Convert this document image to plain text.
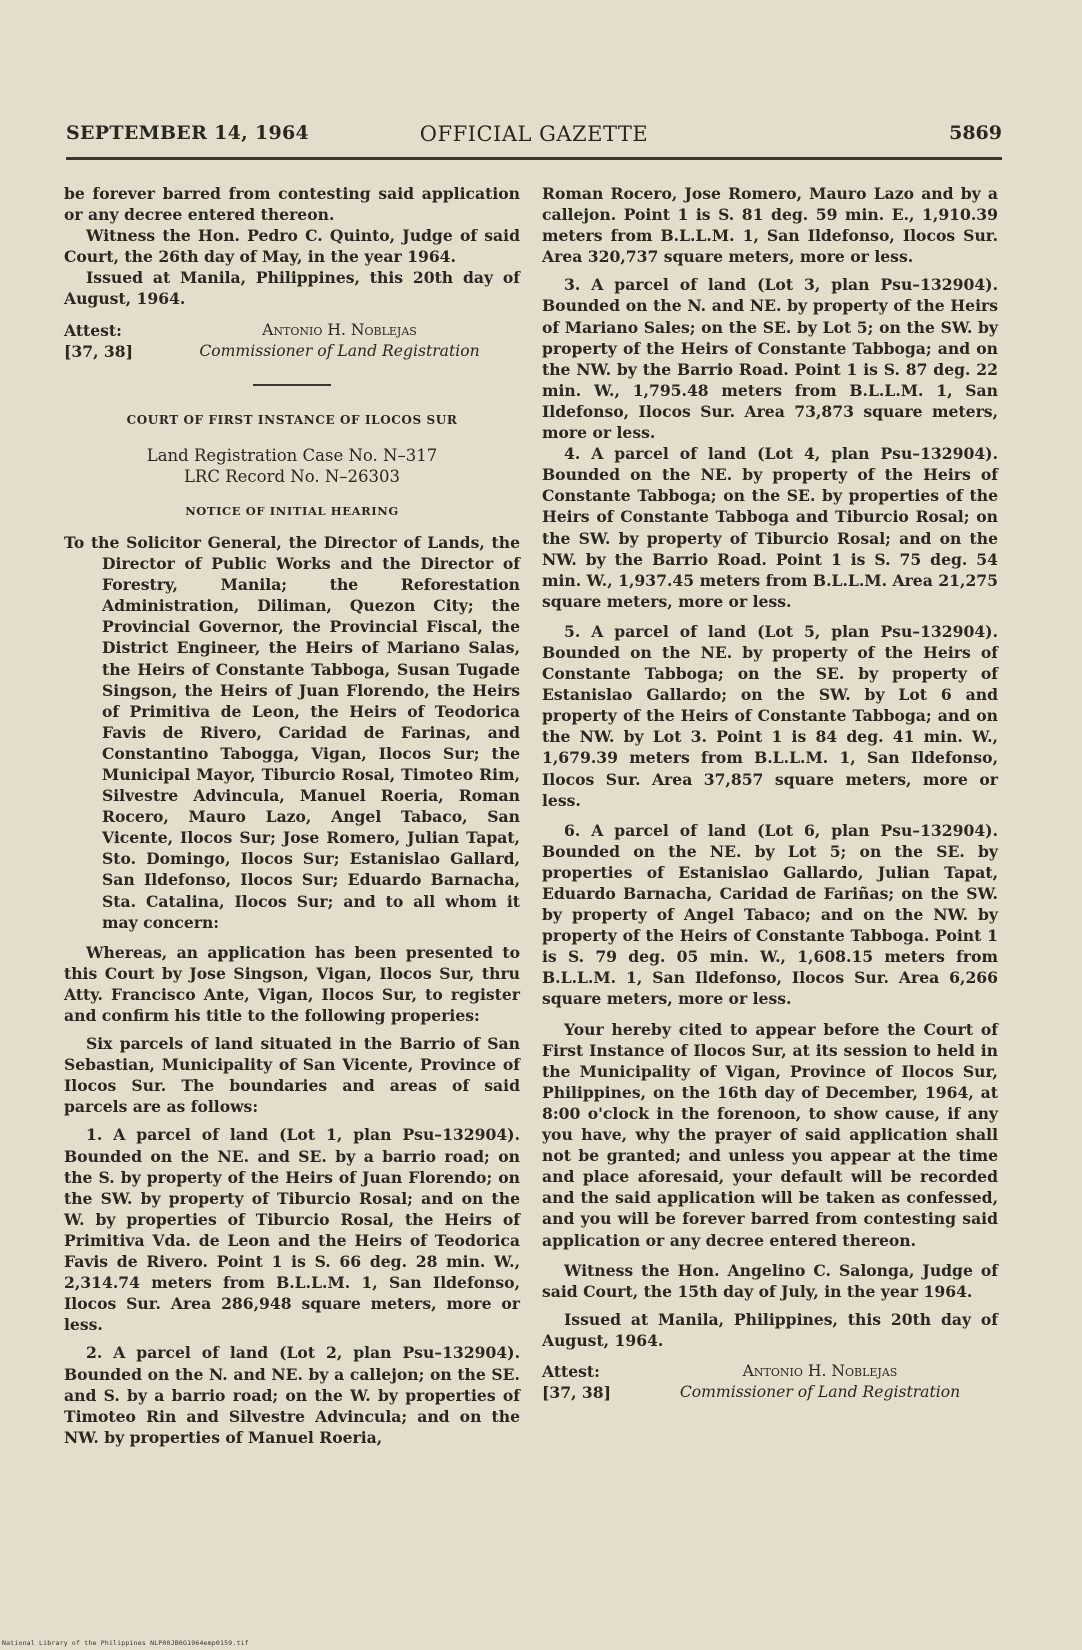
SEPTEMBER 14, 1964	OFFICIAL GAZETTE	5869

be forever barred from contesting said application or any decree entered thereon.

Witness the Hon. Pedro C. Quinto, Judge of said Court, the 26th day of May, in the year 1964.

Issued at Manila, Philippines, this 20th day of August, 1964.

Attest:
[37, 38]
Antonio H. Noblejas
Commissioner of Land Registration
COURT OF FIRST INSTANCE OF ILOCOS SUR
Land Registration Case No. N–317
LRC Record No. N–26303
NOTICE OF INITIAL HEARING

To the Solicitor General, the Director of Lands, the Director of Public Works and the Director of Forestry, Manila; the Reforestation Administration, Diliman, Quezon City; the Provincial Governor, the Provincial Fiscal, the District Engineer, the Heirs of Mariano Salas, the Heirs of Constante Tabboga, Susan Tugade Singson, the Heirs of Juan Florendo, the Heirs of Primitiva de Leon, the Heirs of Teodorica Favis de Rivero, Caridad de Farinas, and Constantino Tabogga, Vigan, Ilocos Sur; the Municipal Mayor, Tiburcio Rosal, Timoteo Rim, Silvestre Advincula, Manuel Roeria, Roman Rocero, Mauro Lazo, Angel Tabaco, San Vicente, Ilocos Sur; Jose Romero, Julian Tapat, Sto. Domingo, Ilocos Sur; Estanislao Gallard, San Ildefonso, Ilocos Sur; Eduardo Barnacha, Sta. Catalina, Ilocos Sur; and to all whom it may concern:

Whereas, an application has been presented to this Court by Jose Singson, Vigan, Ilocos Sur, thru Atty. Francisco Ante, Vigan, Ilocos Sur, to register and confirm his title to the following properies:

Six parcels of land situated in the Barrio of San Sebastian, Municipality of San Vicente, Province of Ilocos Sur. The boundaries and areas of said parcels are as follows:

1. A parcel of land (Lot 1, plan Psu–132904). Bounded on the NE. and SE. by a barrio road; on the S. by property of the Heirs of Juan Florendo; on the SW. by property of Tiburcio Rosal; and on the W. by properties of Tiburcio Rosal, the Heirs of Primitiva Vda. de Leon and the Heirs of Teodorica Favis de Rivero. Point 1 is S. 66 deg. 28 min. W., 2,314.74 meters from B.L.L.M. 1, San Ildefonso, Ilocos Sur. Area 286,948 square meters, more or less.

2. A parcel of land (Lot 2, plan Psu–132904). Bounded on the N. and NE. by a callejon; on the SE. and S. by a barrio road; on the W. by properties of Timoteo Rin and Silvestre Advincula; and on the NW. by properties of Manuel Roeria,

Roman Rocero, Jose Romero, Mauro Lazo and by a callejon. Point 1 is S. 81 deg. 59 min. E., 1,910.39 meters from B.L.L.M. 1, San Ildefonso, Ilocos Sur. Area 320,737 square meters, more or less.

3. A parcel of land (Lot 3, plan Psu–132904). Bounded on the N. and NE. by property of the Heirs of Mariano Sales; on the SE. by Lot 5; on the SW. by property of the Heirs of Constante Tabboga; and on the NW. by the Barrio Road. Point 1 is S. 87 deg. 22 min. W., 1,795.48 meters from B.L.L.M. 1, San Ildefonso, Ilocos Sur. Area 73,873 square meters, more or less.

4. A parcel of land (Lot 4, plan Psu–132904). Bounded on the NE. by property of the Heirs of Constante Tabboga; on the SE. by properties of the Heirs of Constante Tabboga and Tiburcio Rosal; on the SW. by property of Tiburcio Rosal; and on the NW. by the Barrio Road. Point 1 is S. 75 deg. 54 min. W., 1,937.45 meters from B.L.L.M. Area 21,275 square meters, more or less.

5. A parcel of land (Lot 5, plan Psu–132904). Bounded on the NE. by property of the Heirs of Constante Tabboga; on the SE. by property of Estanislao Gallardo; on the SW. by Lot 6 and property of the Heirs of Constante Tabboga; and on the NW. by Lot 3. Point 1 is 84 deg. 41 min. W., 1,679.39 meters from B.L.L.M. 1, San Ildefonso, Ilocos Sur. Area 37,857 square meters, more or less.

6. A parcel of land (Lot 6, plan Psu–132904). Bounded on the NE. by Lot 5; on the SE. by properties of Estanislao Gallardo, Julian Tapat, Eduardo Barnacha, Caridad de Fariñas; on the SW. by property of Angel Tabaco; and on the NW. by property of the Heirs of Constante Tabboga. Point 1 is S. 79 deg. 05 min. W., 1,608.15 meters from B.L.L.M. 1, San Ildefonso, Ilocos Sur. Area 6,266 square meters, more or less.

Your hereby cited to appear before the Court of First Instance of Ilocos Sur, at its session to held in the Municipality of Vigan, Province of Ilocos Sur, Philippines, on the 16th day of December, 1964, at 8:00 o'clock in the forenoon, to show cause, if any you have, why the prayer of said application shall not be granted; and unless you appear at the time and place aforesaid, your default will be recorded and the said application will be taken as confessed, and you will be forever barred from contesting said application or any decree entered thereon.

Witness the Hon. Angelino C. Salonga, Judge of said Court, the 15th day of July, in the year 1964.

Issued at Manila, Philippines, this 20th day of August, 1964.

Attest:
[37, 38]
Antonio H. Noblejas
Commissioner of Land Registration
National Library of the Philippines NLP00JB0G1964emp0159.tif
